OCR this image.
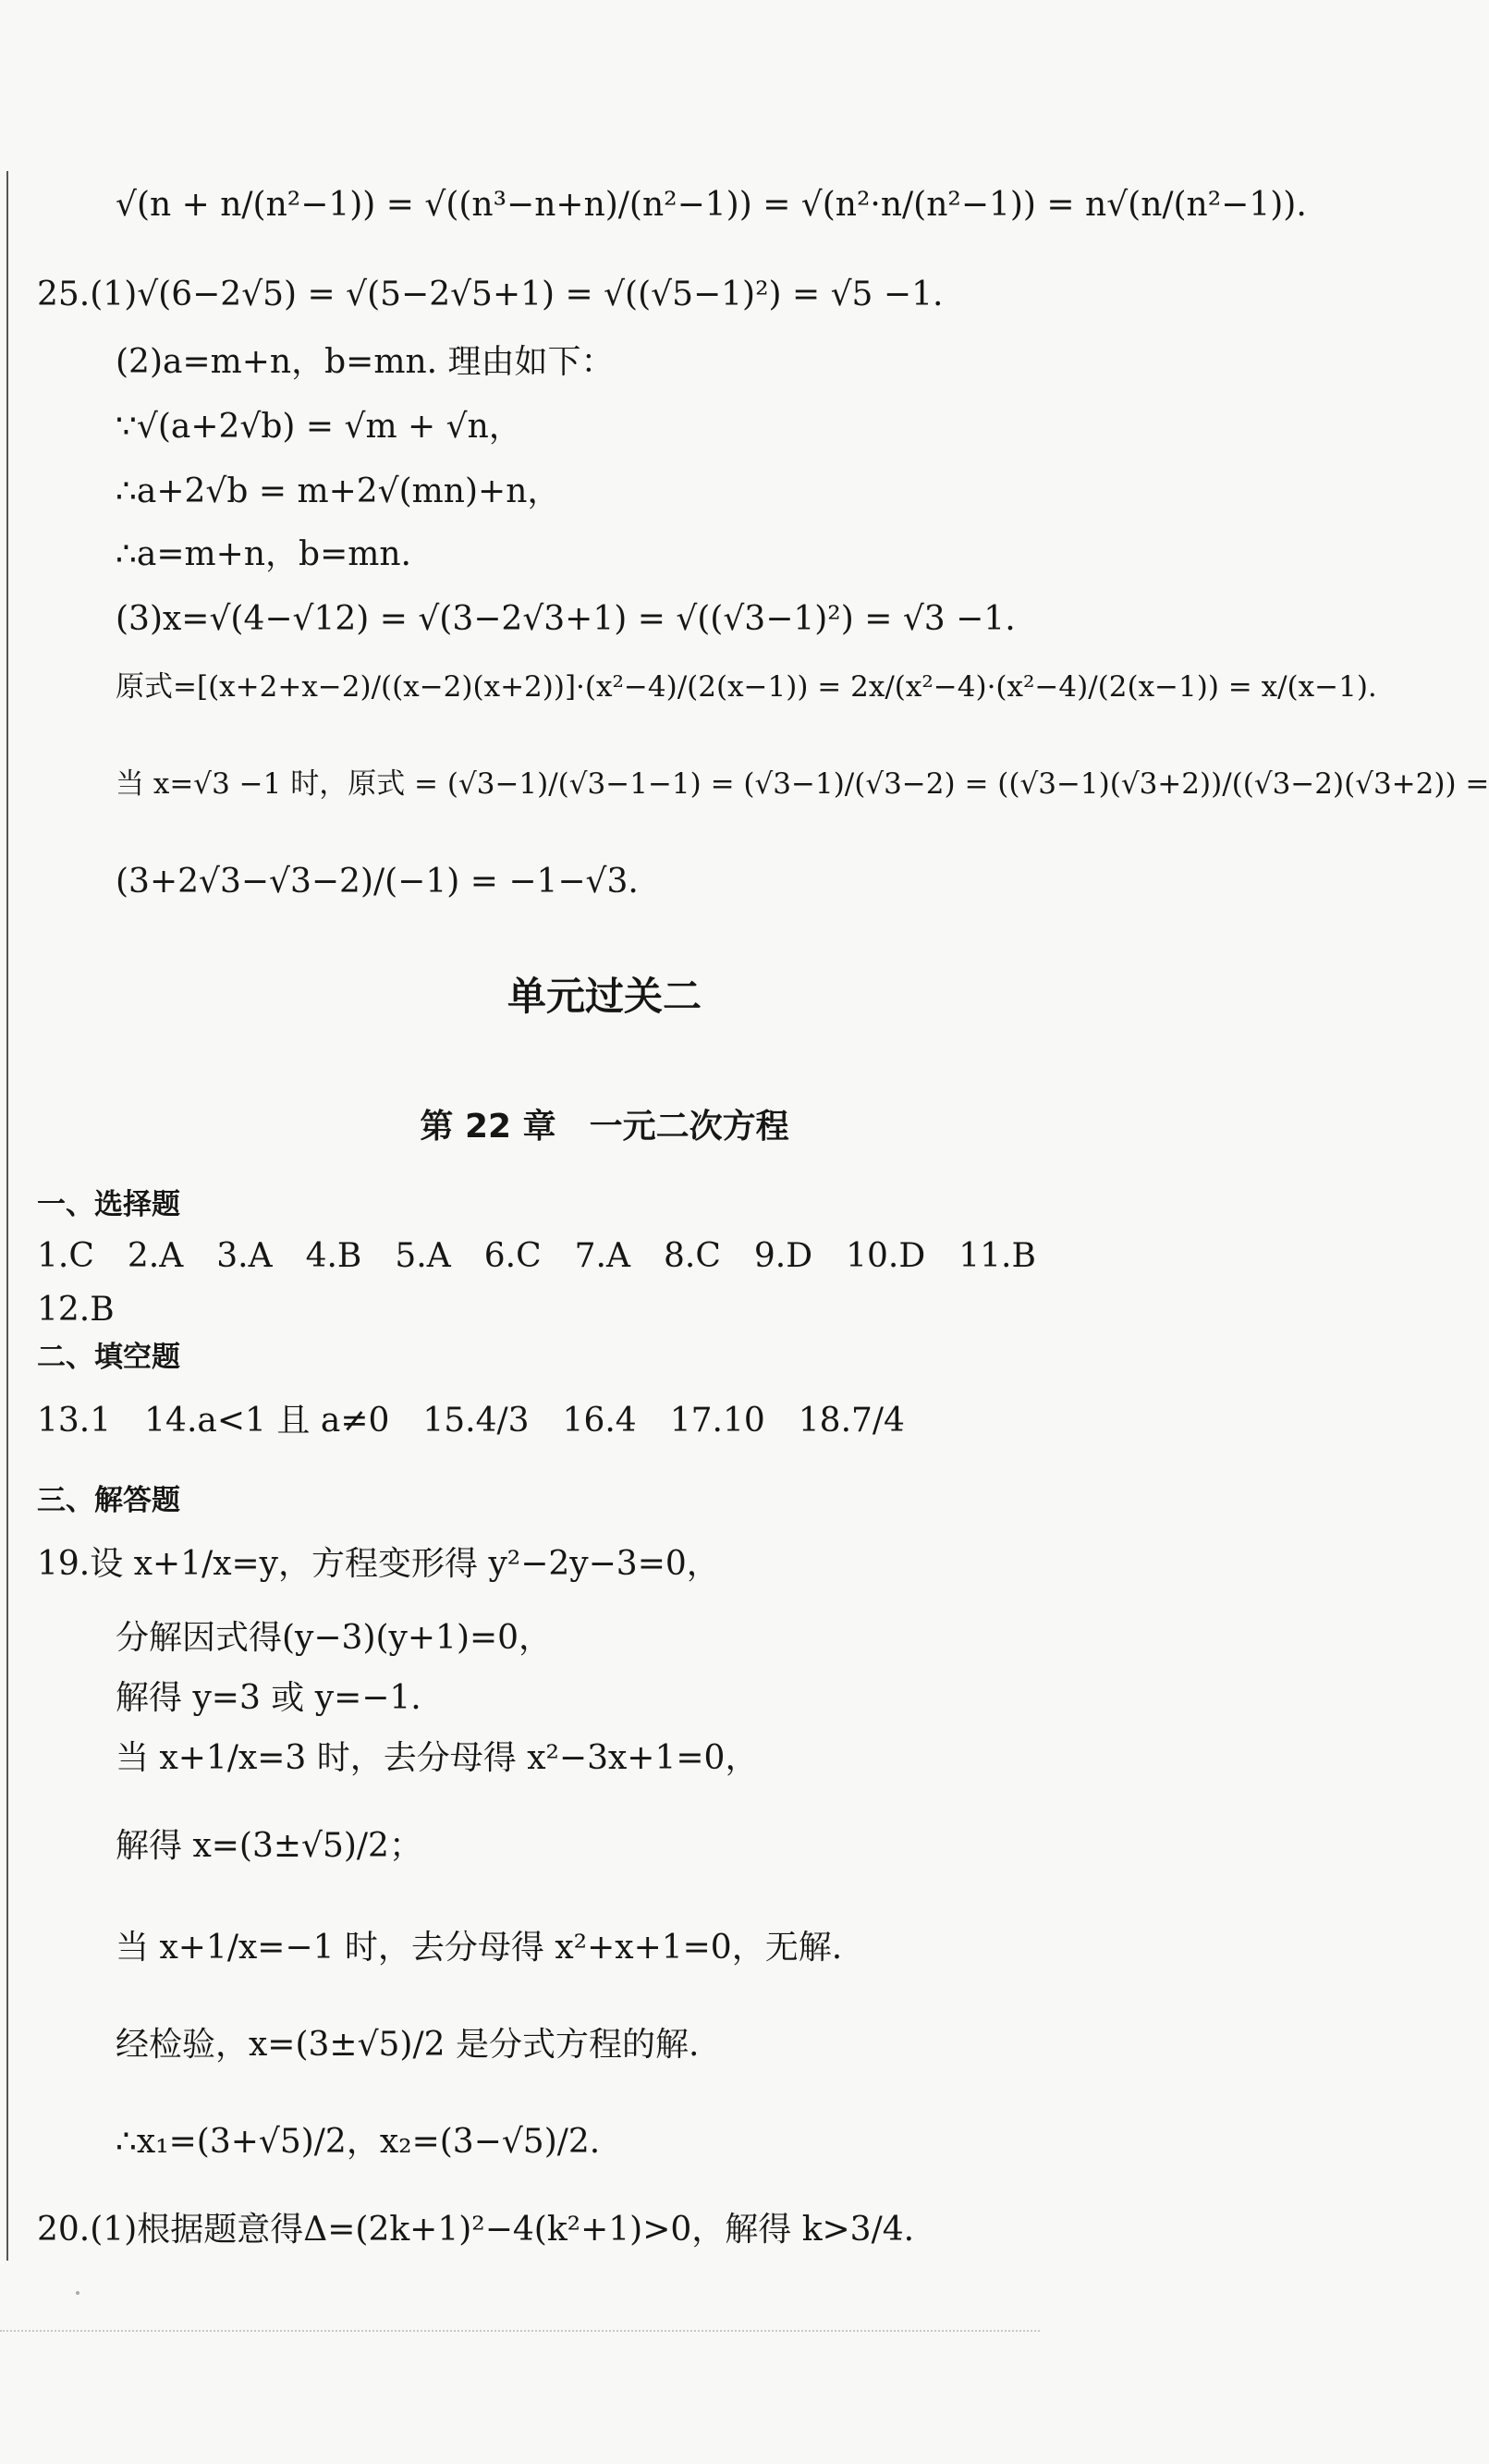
√(n + n/(n²−1)) = √((n³−n+n)/(n²−1)) = √(n²·n/(n²−1)) = n√(n/(n²−1)).
25.(1)√(6−2√5) = √(5−2√5+1) = √((√5−1)²) = √5 −1.
(2)a=m+n，b=mn. 理由如下：
∵√(a+2√b) = √m + √n，
∴a+2√b = m+2√(mn)+n，
∴a=m+n，b=mn.
(3)x=√(4−√12) = √(3−2√3+1) = √((√3−1)²) = √3 −1.
原式=[(x+2+x−2)/((x−2)(x+2))]·(x²−4)/(2(x−1)) = 2x/(x²−4)·(x²−4)/(2(x−1)) = x/(x−1).
当 x=√3 −1 时，原式 = (√3−1)/(√3−1−1) = (√3−1)/(√3−2) = ((√3−1)(√3+2))/((√3−2)(√3+2)) =
(3+2√3−√3−2)/(−1) = −1−√3.
单元过关二
第 22 章　一元二次方程
一、选择题
1.C　2.A　3.A　4.B　5.A　6.C　7.A　8.C　9.D　10.D　11.B
12.B
二、填空题
13.1　14.a<1 且 a≠0　15.4/3　16.4　17.10　18.7/4
三、解答题
19.设 x+1/x=y，方程变形得 y²−2y−3=0，
分解因式得(y−3)(y+1)=0，
解得 y=3 或 y=−1.
当 x+1/x=3 时，去分母得 x²−3x+1=0，
解得 x=(3±√5)/2；
当 x+1/x=−1 时，去分母得 x²+x+1=0，无解.
经检验，x=(3±√5)/2 是分式方程的解.
∴x₁=(3+√5)/2，x₂=(3−√5)/2.
20.(1)根据题意得Δ=(2k+1)²−4(k²+1)>0，解得 k>3/4.
